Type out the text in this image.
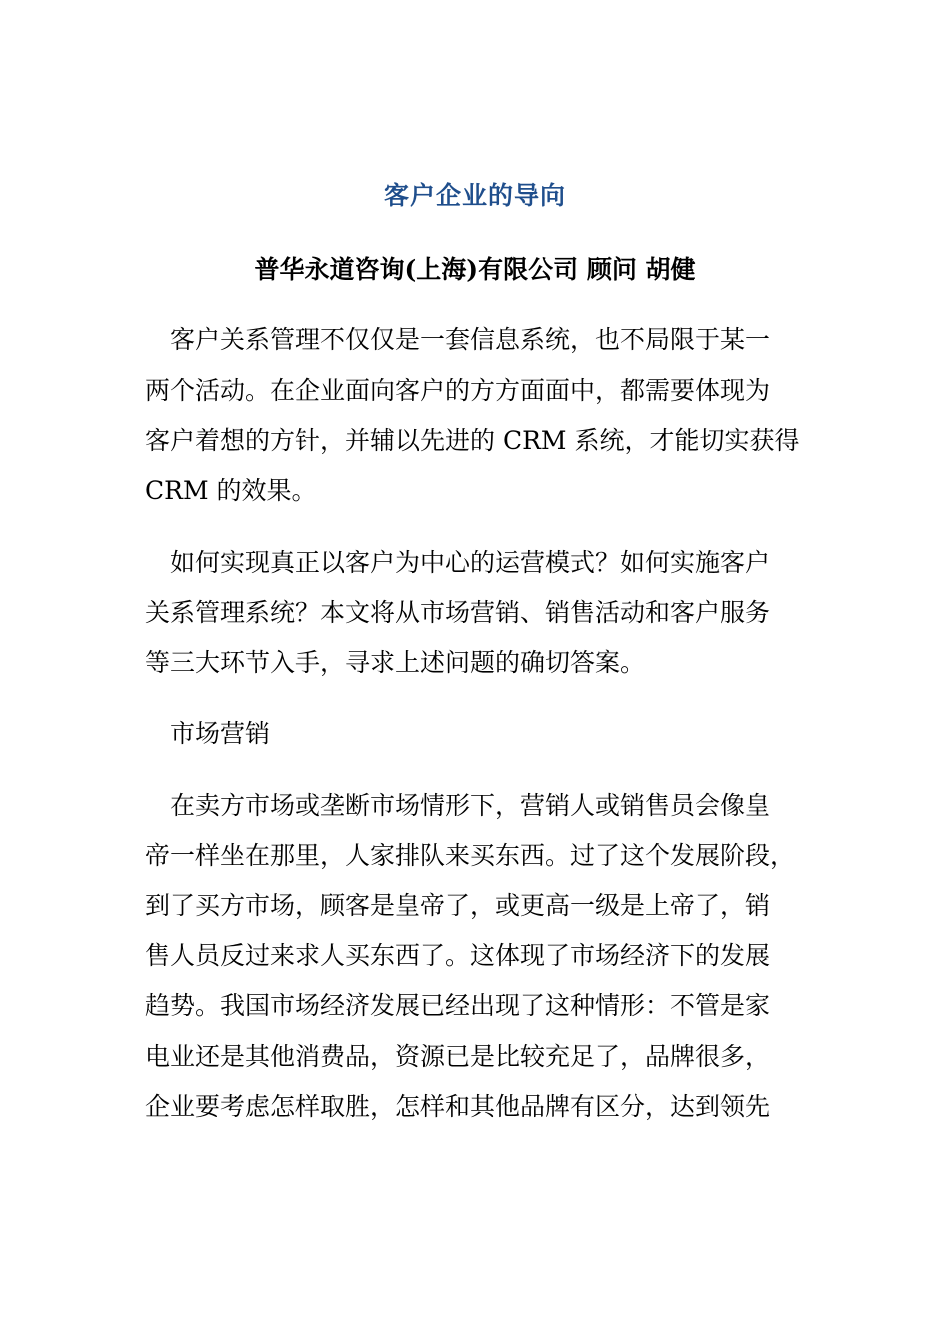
客户企业的导向
普华永道咨询(上海)有限公司 顾问 胡健
　客户关系管理不仅仅是一套信息系统，也不局限于某一
两个活动。在企业面向客户的方方面面中，都需要体现为
客户着想的方针，并辅以先进的 CRM 系统，才能切实获得
CRM 的效果。
　如何实现真正以客户为中心的运营模式？如何实施客户
关系管理系统？本文将从市场营销、销售活动和客户服务
等三大环节入手，寻求上述问题的确切答案。
　市场营销
　在卖方市场或垄断市场情形下，营销人或销售员会像皇
帝一样坐在那里，人家排队来买东西。过了这个发展阶段，
到了买方市场，顾客是皇帝了，或更高一级是上帝了，销
售人员反过来求人买东西了。这体现了市场经济下的发展
趋势。我国市场经济发展已经出现了这种情形：不管是家
电业还是其他消费品，资源已是比较充足了，品牌很多，
企业要考虑怎样取胜，怎样和其他品牌有区分，达到领先
